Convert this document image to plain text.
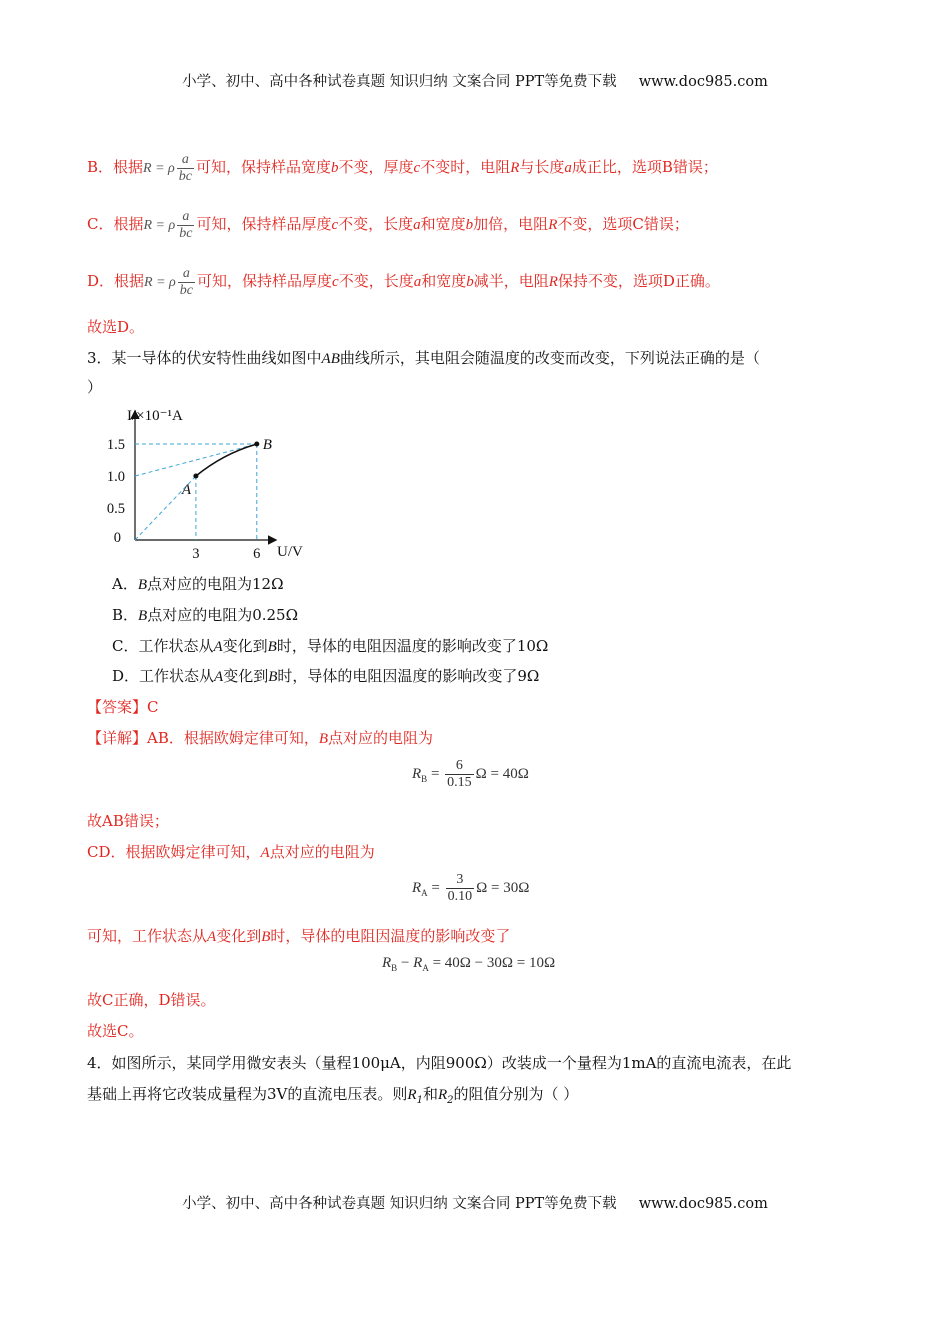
小学、初中、高中各种试卷真题 知识归纳 文案合同 PPT等免费下载 www.doc985.com
B．根据R = ρ $\frac{a}{bc}$ 可知，保持样品宽度b不变，厚度c不变时，电阻R与长度a成正比，选项B错误；
C．根据R = ρ $\frac{a}{bc}$ 可知，保持样品厚度c不变，长度a和宽度b加倍，电阻R不变，选项C错误；
D．根据R = ρ $\frac{a}{bc}$ 可知，保持样品厚度c不变，长度a和宽度b减半，电阻R保持不变，选项D正确。
故选D。
3．某一导体的伏安特性曲线如图中AB曲线所示，其电阻会随温度的改变而改变，下列说法正确的是（
）
I/×10⁻¹A
U/V
0.5
1.0
1.5
0
3	6
A
B
A．B点对应的电阻为12Ω
B．B点对应的电阻为0.25Ω
C．工作状态从A变化到B时，导体的电阻因温度的影响改变了10Ω
D．工作状态从A变化到B时，导体的电阻因温度的影响改变了9Ω
【答案】C
【详解】AB．根据欧姆定律可知，B点对应的电阻为
$R_B = \frac{6}{0.15}$ Ω = 40Ω
故AB错误；
CD．根据欧姆定律可知，A点对应的电阻为
$R_A = \frac{3}{0.10}$ Ω = 30Ω
可知，工作状态从A变化到B时，导体的电阻因温度的影响改变了
$R_B - R_A = 40\Omega - 30\Omega = 10\Omega$
故C正确，D错误。
故选C。
4．如图所示，某同学用微安表头（量程100μA，内阻900Ω）改装成一个量程为1mA的直流电流表，在此
基础上再将它改装成量程为3V的直流电压表。则$R_1$和$R_2$的阻值分别为（ ）
小学、初中、高中各种试卷真题 知识归纳 文案合同 PPT等免费下载 www.doc985.com
